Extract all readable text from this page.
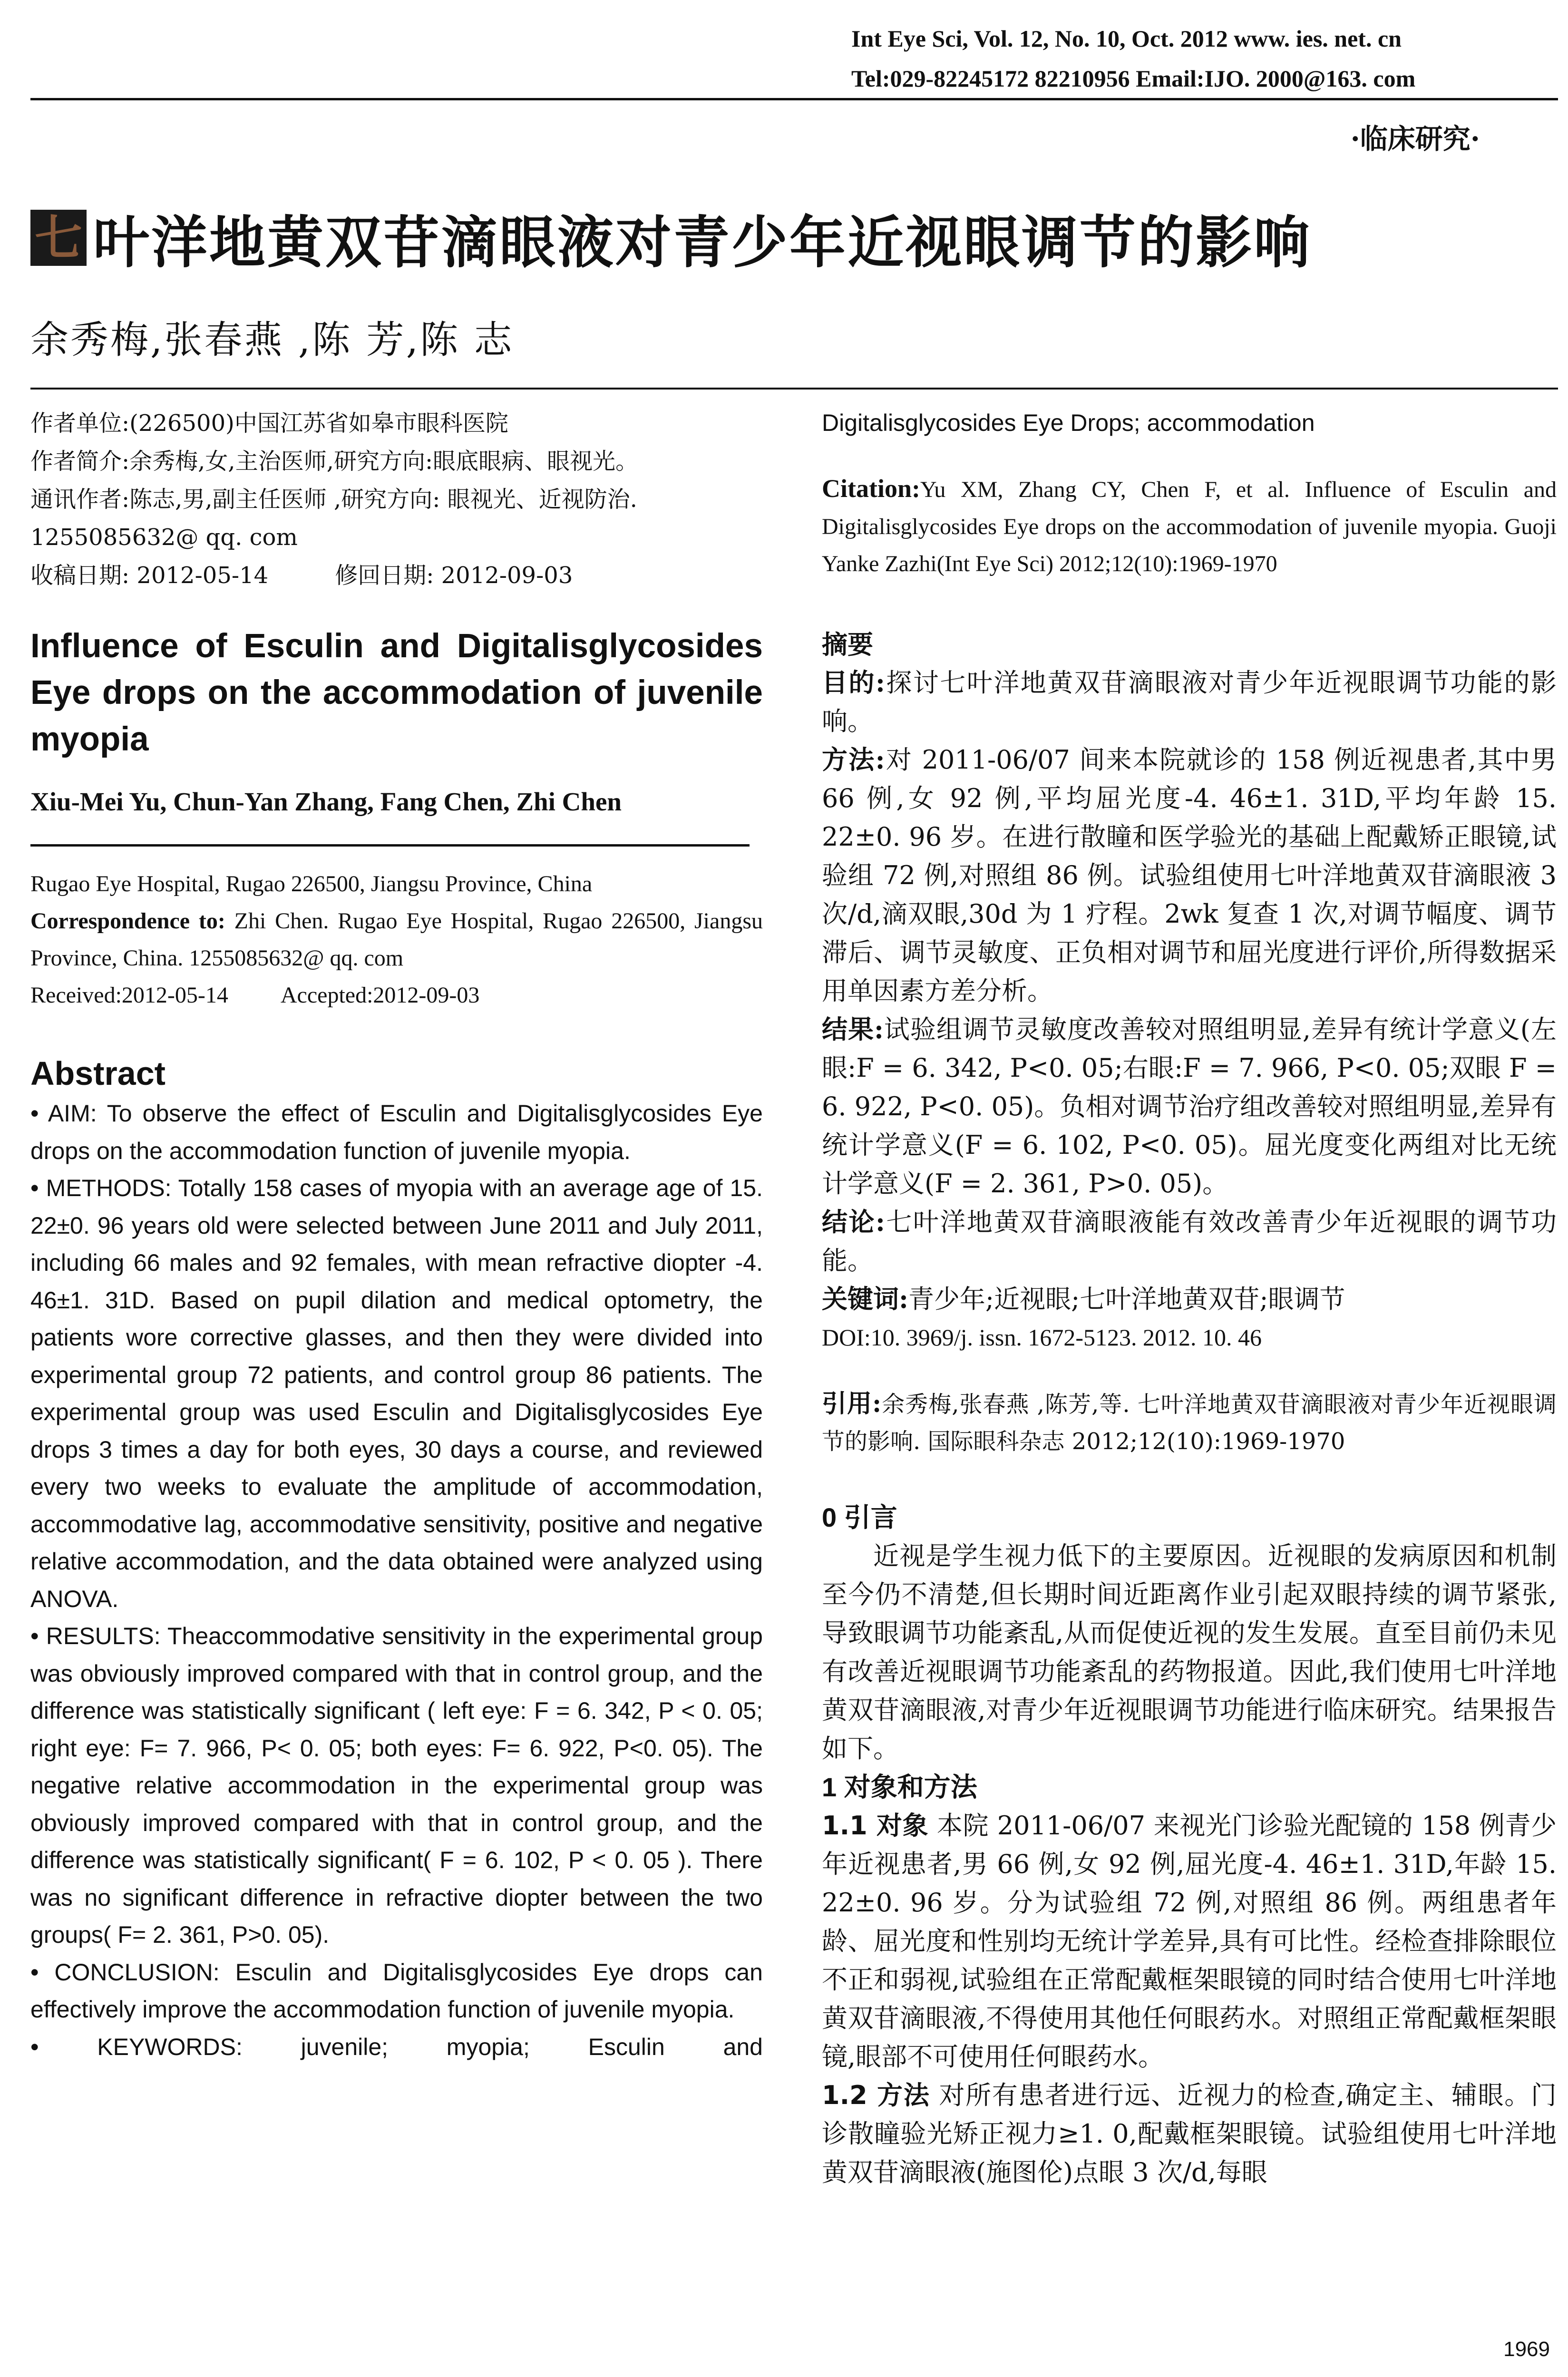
Int Eye Sci, Vol. 12, No. 10, Oct. 2012 www. ies. net. cn
Tel:029-82245172 82210956 Email:IJO. 2000@163. com
·临床研究·
七 叶洋地黄双苷滴眼液对青少年近视眼调节的影响
余秀梅,张春燕 ,陈 芳,陈 志
作者单位:(226500)中国江苏省如皋市眼科医院
作者简介:余秀梅,女,主治医师,研究方向:眼底眼病、眼视光。
通讯作者:陈志,男,副主任医师 ,研究方向: 眼视光、近视防治.
1255085632@ qq. com
收稿日期: 2012-05-14	修回日期: 2012-09-03
Influence of Esculin and Digitalisglycosides Eye drops on the accommodation of juvenile myopia
Xiu-Mei Yu, Chun-Yan Zhang, Fang Chen, Zhi Chen
Rugao Eye Hospital, Rugao 226500, Jiangsu Province, China
Correspondence to: Zhi Chen. Rugao Eye Hospital, Rugao 226500, Jiangsu Province, China. 1255085632@ qq. com
Received:2012-05-14 Accepted:2012-09-03
Abstract

• AIM: To observe the effect of Esculin and Digitalisglycosides Eye drops on the accommodation function of juvenile myopia.

• METHODS: Totally 158 cases of myopia with an average age of 15. 22±0. 96 years old were selected between June 2011 and July 2011, including 66 males and 92 females, with mean refractive diopter -4. 46±1. 31D. Based on pupil dilation and medical optometry, the patients wore corrective glasses, and then they were divided into experimental group 72 patients, and control group 86 patients. The experimental group was used Esculin and Digitalisglycosides Eye drops 3 times a day for both eyes, 30 days a course, and reviewed every two weeks to evaluate the amplitude of accommodation, accommodative lag, accommodative sensitivity, positive and negative relative accommodation, and the data obtained were analyzed using ANOVA.

• RESULTS: Theaccommodative sensitivity in the experimental group was obviously improved compared with that in control group, and the difference was statistically significant ( left eye: F = 6. 342, P < 0. 05; right eye: F= 7. 966, P< 0. 05; both eyes: F= 6. 922, P<0. 05). The negative relative accommodation in the experimental group was obviously improved compared with that in control group, and the difference was statistically significant( F = 6. 102, P < 0. 05 ). There was no significant difference in refractive diopter between the two groups( F= 2. 361, P>0. 05).

• CONCLUSION: Esculin and Digitalisglycosides Eye drops can effectively improve the accommodation function of juvenile myopia.

• KEYWORDS: juvenile; myopia; Esculin and

Digitalisglycosides Eye Drops; accommodation
Citation:Yu XM, Zhang CY, Chen F, et al. Influence of Esculin and Digitalisglycosides Eye drops on the accommodation of juvenile myopia. Guoji Yanke Zazhi(Int Eye Sci) 2012;12(10):1969-1970
摘要
目的:探讨七叶洋地黄双苷滴眼液对青少年近视眼调节功能的影响。
方法:对 2011-06/07 间来本院就诊的 158 例近视患者,其中男 66 例,女 92 例,平均屈光度-4. 46±1. 31D,平均年龄 15. 22±0. 96 岁。在进行散瞳和医学验光的基础上配戴矫正眼镜,试验组 72 例,对照组 86 例。试验组使用七叶洋地黄双苷滴眼液 3 次/d,滴双眼,30d 为 1 疗程。2wk 复查 1 次,对调节幅度、调节滞后、调节灵敏度、正负相对调节和屈光度进行评价,所得数据采用单因素方差分析。
结果:试验组调节灵敏度改善较对照组明显,差异有统计学意义(左眼:F = 6. 342, P<0. 05;右眼:F = 7. 966, P<0. 05;双眼 F = 6. 922, P<0. 05)。负相对调节治疗组改善较对照组明显,差异有统计学意义(F = 6. 102, P<0. 05)。屈光度变化两组对比无统计学意义(F = 2. 361, P>0. 05)。
结论:七叶洋地黄双苷滴眼液能有效改善青少年近视眼的调节功能。
关键词:青少年;近视眼;七叶洋地黄双苷;眼调节
DOI:10. 3969/j. issn. 1672-5123. 2012. 10. 46
引用:余秀梅,张春燕 ,陈芳,等. 七叶洋地黄双苷滴眼液对青少年近视眼调节的影响. 国际眼科杂志 2012;12(10):1969-1970
0 引言
近视是学生视力低下的主要原因。近视眼的发病原因和机制至今仍不清楚,但长期时间近距离作业引起双眼持续的调节紧张,导致眼调节功能紊乱,从而促使近视的发生发展。直至目前仍未见有改善近视眼调节功能紊乱的药物报道。因此,我们使用七叶洋地黄双苷滴眼液,对青少年近视眼调节功能进行临床研究。结果报告如下。
1 对象和方法
1.1 对象 本院 2011-06/07 来视光门诊验光配镜的 158 例青少年近视患者,男 66 例,女 92 例,屈光度-4. 46±1. 31D,年龄 15. 22±0. 96 岁。分为试验组 72 例,对照组 86 例。两组患者年龄、屈光度和性别均无统计学差异,具有可比性。经检查排除眼位不正和弱视,试验组在正常配戴框架眼镜的同时结合使用七叶洋地黄双苷滴眼液,不得使用其他任何眼药水。对照组正常配戴框架眼镜,眼部不可使用任何眼药水。
1.2 方法 对所有患者进行远、近视力的检查,确定主、辅眼。门诊散瞳验光矫正视力≥1. 0,配戴框架眼镜。试验组使用七叶洋地黄双苷滴眼液(施图伦)点眼 3 次/d,每眼
1969
